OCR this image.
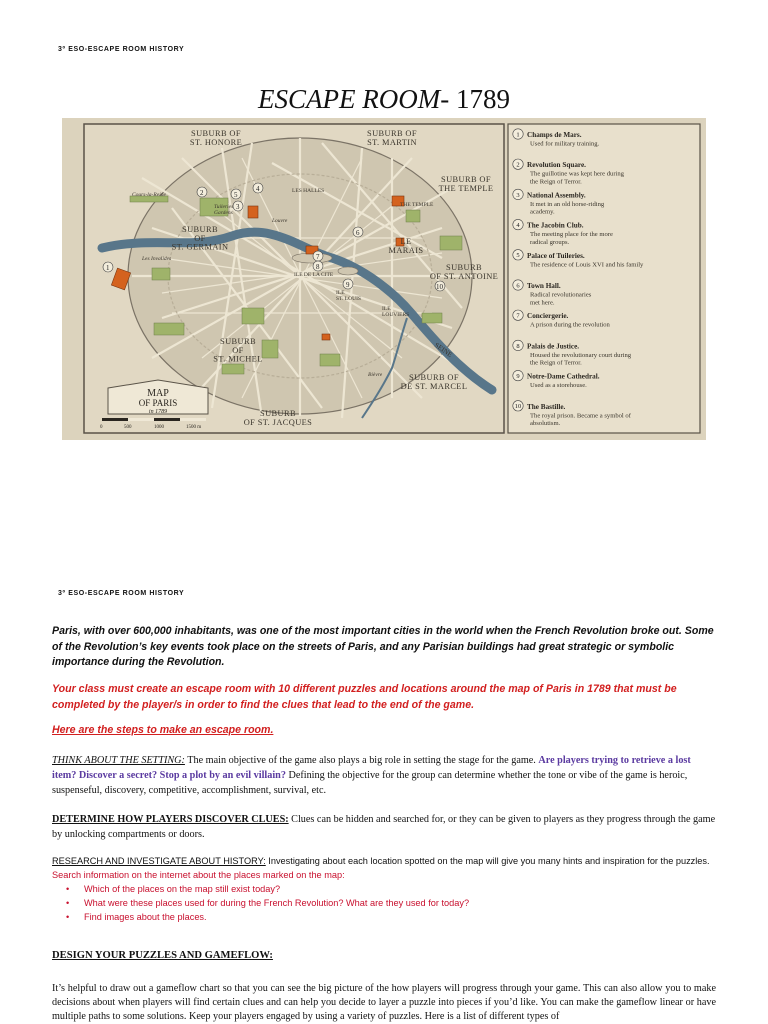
3º ESO-ESCAPE ROOM HISTORY
ESCAPE ROOM- 1789
1
2
3
4
5
6
7
8
9	10
SUBURB OF ST. HONORE
SUBURB OF ST. MARTIN
SUBURB OF THE TEMPLE
SUBURB OF ST. GERMAIN
LE MARAIS
SUBURB OF ST. ANTOINE
SUBURB OF ST. MICHEL
SUBURB OF DE ST. MARCEL
SUBURB OF ST. JACQUES
Cours-la-Reine
Les Invalides
Tuileries Gardens
LES HALLES
Louvre
THE TEMPLE
ILE DE LA CITE
ILE ST. LOUIS
ILE LOUVIERS
SEINE
Bièvre
MAP
OF PARIS
in 1789
0	500	1000	1500 m
1 Champs de Mars.
Used for military training.
2 Revolution Square.
The guillotine was kept here during the Reign of Terror.
3 National Assembly.
It met in an old horse-riding academy.
4 The Jacobin Club.
The meeting place for the more radical groups.
5 Palace of Tuileries.
The residence of Louis XVI and his family
6 Town Hall.
Radical revolutionaries met here.
7 Conciergerie.
A prison during the revolution
8 Palais de Justice.
Housed the revolutionary court during the Reign of Terror.
9 Notre-Dame Cathedral.
Used as a storehouse.
10 The Bastille.
The royal prison. Became a symbol of absolutism.
3º ESO-ESCAPE ROOM HISTORY
Paris, with over 600,000 inhabitants, was one of the most important cities in the world when the French Revolution broke out. Some of the Revolution’s key events took place on the streets of Paris, and any Parisian buildings had great strategic or symbolic importance during the Revolution.
Your class must create an escape room with 10 different puzzles and locations around the map of Paris in 1789 that must be completed by the player/s in order to find the clues that lead to the end of the game.
Here are the steps to make an escape room.
THINK ABOUT THE SETTING: The main objective of the game also plays a big role in setting the stage for the game. Are players trying to retrieve a lost item? Discover a secret? Stop a plot by an evil villain? Defining the objective for the group can determine whether the tone or vibe of the game is heroic, suspenseful, discovery, competitive, accomplishment, survival, etc.
DETERMINE HOW PLAYERS DISCOVER CLUES: Clues can be hidden and searched for, or they can be given to players as they progress through the game by unlocking compartments or doors.
RESEARCH AND INVESTIGATE ABOUT HISTORY: Investigating about each location spotted on the map will give you many hints and inspiration for the puzzles.
Search information on the internet about the places marked on the map:
• Which of the places on the map still exist today?
• What were these places used for during the French Revolution? What are they used for today?
• Find images about the places.
DESIGN YOUR PUZZLES AND GAMEFLOW:
It’s helpful to draw out a gameflow chart so that you can see the big picture of the how players will progress through your game. This can also allow you to make decisions about when players will find certain clues and can help you decide to layer a puzzle into pieces if you’d like. You can make the gameflow linear or have multiple paths to some solutions. Keep your players engaged by using a variety of puzzles. Here is a list of different types of
